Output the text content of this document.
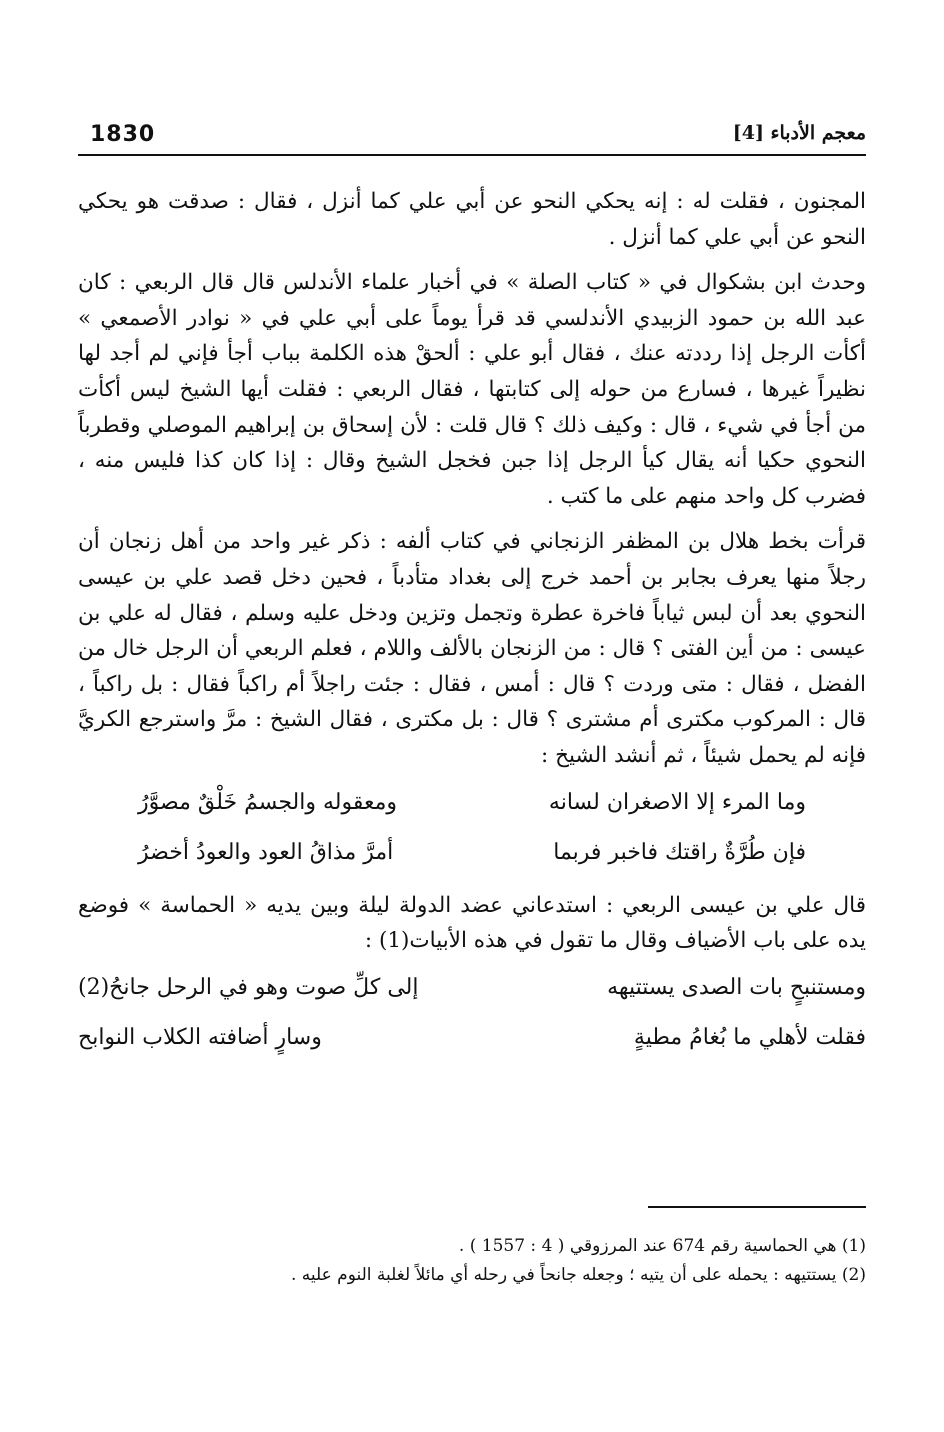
1830	معجم الأدباء [4]

المجنون ، فقلت له : إنه يحكي النحو عن أبي علي كما أنزل ، فقال : صدقت هو يحكي النحو عن أبي علي كما أنزل .

وحدث ابن بشكوال في « كتاب الصلة » في أخبار علماء الأندلس قال قال الربعي : كان عبد الله بن حمود الزبيدي الأندلسي قد قرأ يوماً على أبي علي في « نوادر الأصمعي » أكأت الرجل إذا رددته عنك ، فقال أبو علي : ألحقْ هذه الكلمة بباب أجأ فإني لم أجد لها نظيراً غيرها ، فسارع من حوله إلى كتابتها ، فقال الربعي : فقلت أيها الشيخ ليس أكأت من أجأ في شيء ، قال : وكيف ذلك ؟ قال قلت : لأن إسحاق بن إبراهيم الموصلي وقطرباً النحوي حكيا أنه يقال كيأ الرجل إذا جبن فخجل الشيخ وقال : إذا كان كذا فليس منه ، فضرب كل واحد منهم على ما كتب .

قرأت بخط هلال بن المظفر الزنجاني في كتاب ألفه : ذكر غير واحد من أهل زنجان أن رجلاً منها يعرف بجابر بن أحمد خرج إلى بغداد متأدباً ، فحين دخل قصد علي بن عيسى النحوي بعد أن لبس ثياباً فاخرة عطرة وتجمل وتزين ودخل عليه وسلم ، فقال له علي بن عيسى : من أين الفتى ؟ قال : من الزنجان بالألف واللام ، فعلم الربعي أن الرجل خال من الفضل ، فقال : متى وردت ؟ قال : أمس ، فقال : جئت راجلاً أم راكباً فقال : بل راكباً ، قال : المركوب مكترى أم مشترى ؟ قال : بل مكترى ، فقال الشيخ : مرَّ واسترجع الكريَّ فإنه لم يحمل شيئاً ، ثم أنشد الشيخ :

وما المرء إلا الاصغران لسانه
ومعقوله والجسمُ خَلْقٌ مصوَّرُ
فإن طُرَّةٌ راقتك فاخبر فربما
أمرَّ مذاقُ العود والعودُ أخضرُ

قال علي بن عيسى الربعي : استدعاني عضد الدولة ليلة وبين يديه « الحماسة » فوضع يده على باب الأضياف وقال ما تقول في هذه الأبيات(1) :

ومستنبحٍ بات الصدى يستتيهه
إلى كلِّ صوت وهو في الرحل جانحُ(2)
فقلت لأهلي ما بُغامُ مطيةٍ
وسارٍ أضافته الكلاب النوابح

(1) هي الحماسية رقم 674 عند المرزوقي ( 4 : 1557 ) .

(2) يستتيهه : يحمله على أن يتيه ؛ وجعله جانحاً في رحله أي مائلاً لغلبة النوم عليه .
